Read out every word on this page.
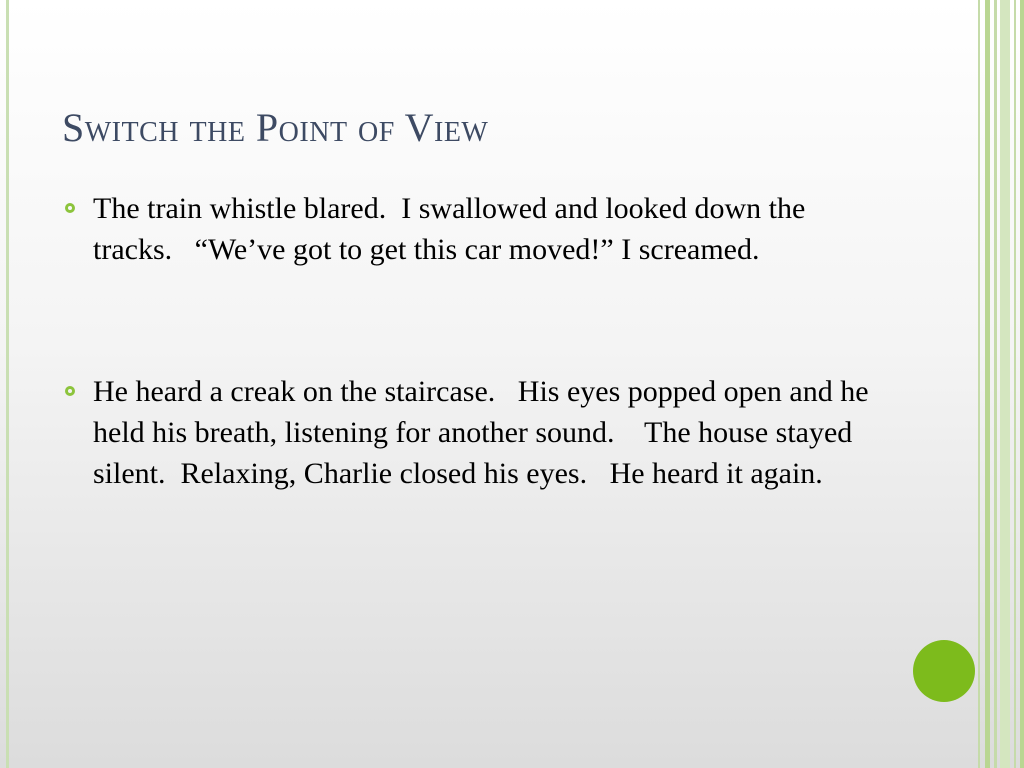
Switch the Point of View
The train whistle blared.  I swallowed and looked down the tracks.   “We’ve got to get this car moved!” I screamed.
He heard a creak on the staircase.   His eyes popped open and he held his breath, listening for another sound.    The house stayed silent.  Relaxing, Charlie closed his eyes.   He heard it again.
